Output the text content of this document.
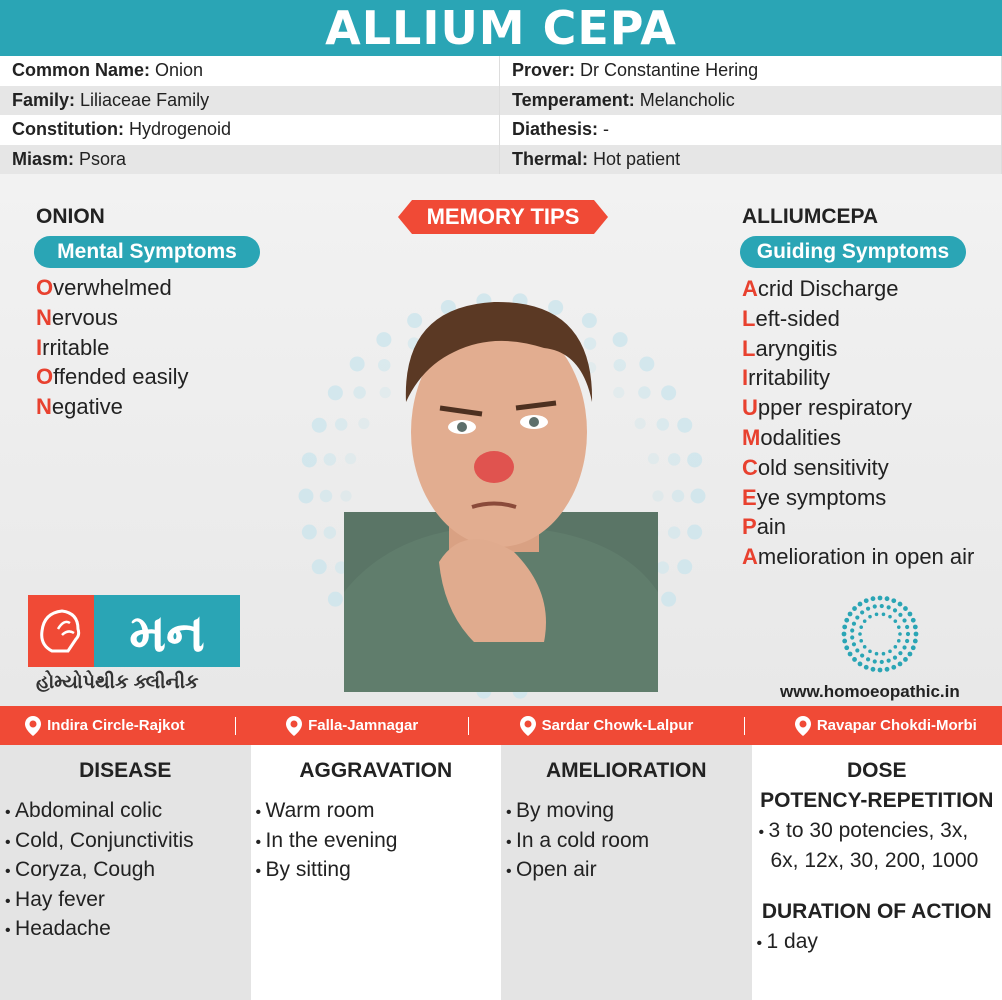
ALLIUM CEPA
Common Name: Onion	Prover: Dr Constantine Hering
Family: Liliaceae Family	Temperament: Melancholic
Constitution: Hydrogenoid	Diathesis: -
Miasm: Psora	Thermal: Hot patient
ONION
Mental Symptoms
Overwhelmed
Nervous
Irritable
Offended easily
Negative
MEMORY TIPS	ALLIUMCEPA
Guiding Symptoms
Acrid Discharge
Left-sided
Laryngitis
Irritability
Upper respiratory
Modalities
Cold sensitivity
Eye symptoms
Pain
Amelioration in open air
મન
હોમ્યોપેથીક ક્લીનીક	www.homoeopathic.in
Indira Circle-Rajkot	Falla-Jamnagar	Sardar Chowk-Lalpur	Ravapar Chokdi-Morbi
DISEASE
• Abdominal colic
• Cold, Conjunctivitis
• Coryza, Cough
• Hay fever
• Headache
AGGRAVATION
• Warm room
• In the evening
• By sitting
AMELIORATION
• By moving
• In a cold room
• Open air
DOSE
POTENCY-REPETITION
• 3 to 30 potencies, 3x, 6x, 12x, 30, 200, 1000
DURATION OF ACTION
• 1 day
